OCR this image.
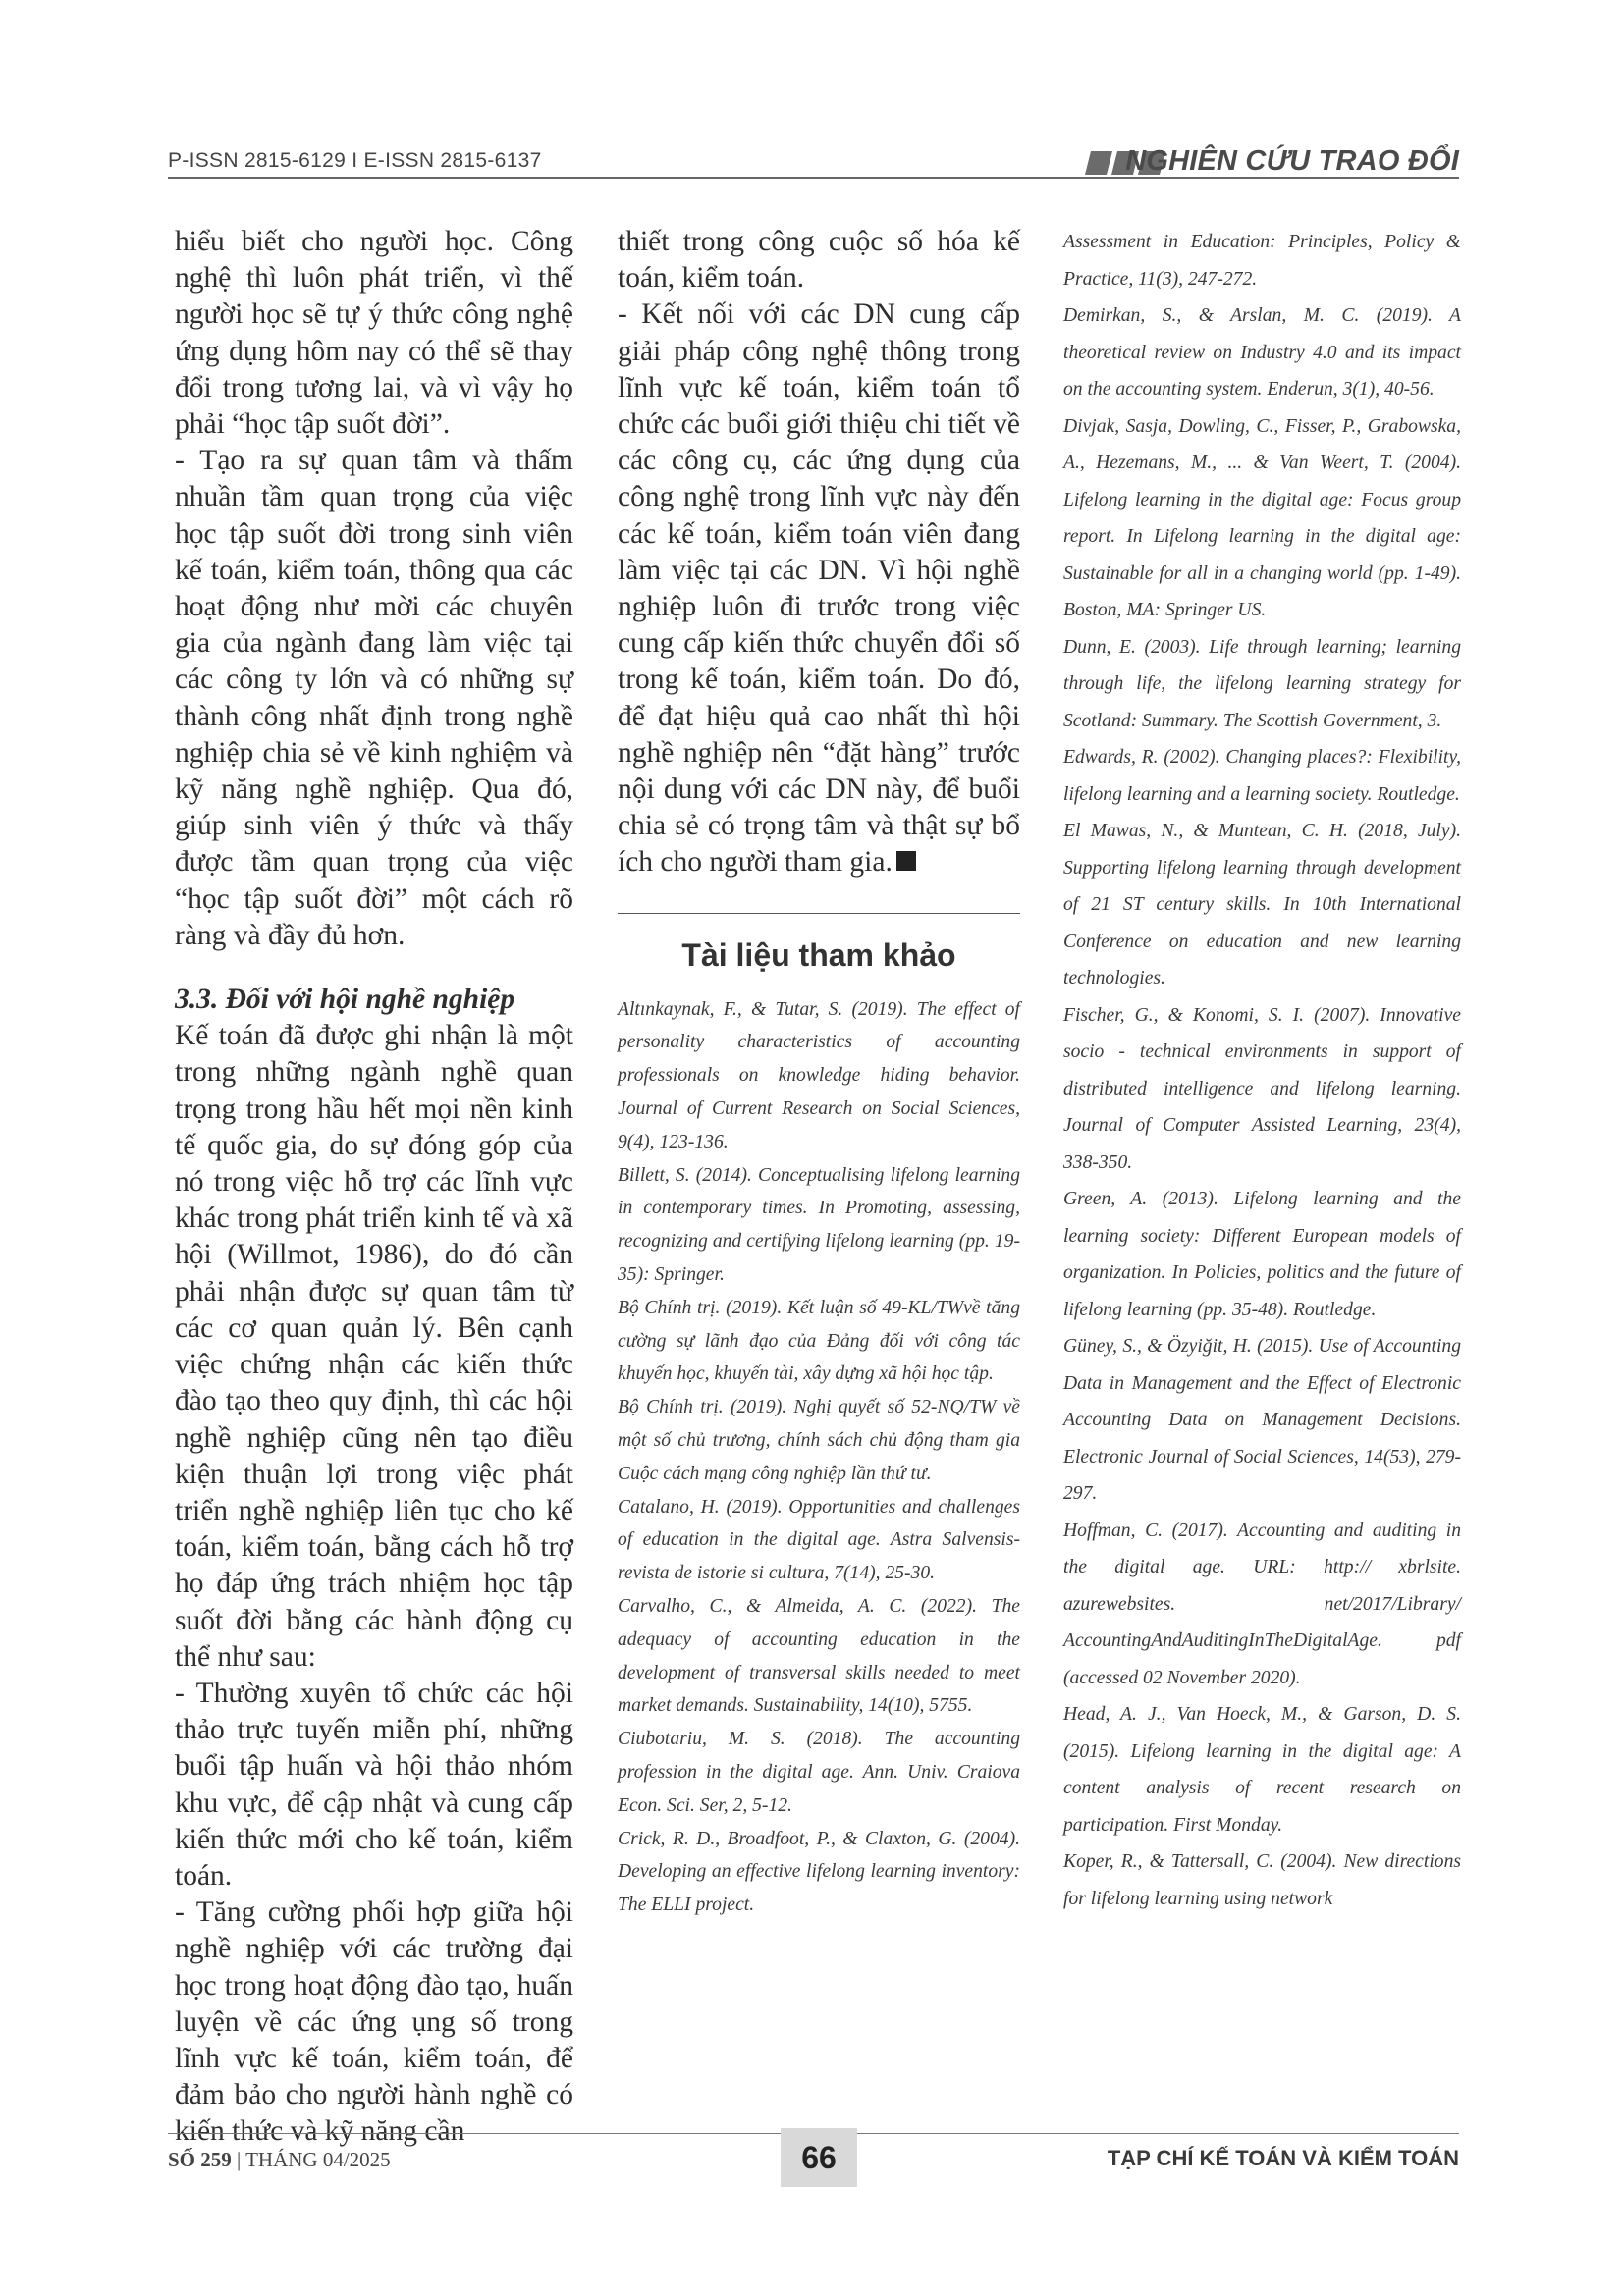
P-ISSN 2815-6129 I E-ISSN 2815-6137	NGHIÊN CỨU TRAO ĐỔI

hiểu biết cho người học. Công nghệ thì luôn phát triển, vì thế người học sẽ tự ý thức công nghệ ứng dụng hôm nay có thể sẽ thay đổi trong tương lai, và vì vậy họ phải “học tập suốt đời”.

- Tạo ra sự quan tâm và thấm nhuần tầm quan trọng của việc học tập suốt đời trong sinh viên kế toán, kiểm toán, thông qua các hoạt động như mời các chuyên gia của ngành đang làm việc tại các công ty lớn và có những sự thành công nhất định trong nghề nghiệp chia sẻ về kinh nghiệm và kỹ năng nghề nghiệp. Qua đó, giúp sinh viên ý thức và thấy được tầm quan trọng của việc “học tập suốt đời” một cách rõ ràng và đầy đủ hơn.

3.3. Đối với hội nghề nghiệp

Kế toán đã được ghi nhận là một trong những ngành nghề quan trọng trong hầu hết mọi nền kinh tế quốc gia, do sự đóng góp của nó trong việc hỗ trợ các lĩnh vực khác trong phát triển kinh tế và xã hội (Willmot, 1986), do đó cần phải nhận được sự quan tâm từ các cơ quan quản lý. Bên cạnh việc chứng nhận các kiến thức đào tạo theo quy định, thì các hội nghề nghiệp cũng nên tạo điều kiện thuận lợi trong việc phát triển nghề nghiệp liên tục cho kế toán, kiểm toán, bằng cách hỗ trợ họ đáp ứng trách nhiệm học tập suốt đời bằng các hành động cụ thể như sau:

- Thường xuyên tổ chức các hội thảo trực tuyến miễn phí, những buổi tập huấn và hội thảo nhóm khu vực, để cập nhật và cung cấp kiến thức mới cho kế toán, kiểm toán.

- Tăng cường phối hợp giữa hội nghề nghiệp với các trường đại học trong hoạt động đào tạo, huấn luyện về các ứng ụng số trong lĩnh vực kế toán, kiểm toán, để đảm bảo cho người hành nghề có kiến thức và kỹ năng cần

thiết trong công cuộc số hóa kế toán, kiểm toán.

- Kết nối với các DN cung cấp giải pháp công nghệ thông trong lĩnh vực kế toán, kiểm toán tổ chức các buổi giới thiệu chi tiết về các công cụ, các ứng dụng của công nghệ trong lĩnh vực này đến các kế toán, kiểm toán viên đang làm việc tại các DN. Vì hội nghề nghiệp luôn đi trước trong việc cung cấp kiến thức chuyển đổi số trong kế toán, kiểm toán. Do đó, để đạt hiệu quả cao nhất thì hội nghề nghiệp nên “đặt hàng” trước nội dung với các DN này, để buổi chia sẻ có trọng tâm và thật sự bổ ích cho người tham gia.

Tài liệu tham khảo

Altınkaynak, F., & Tutar, S. (2019). The effect of personality characteristics of accounting professionals on knowledge hiding behavior. Journal of Current Research on Social Sciences, 9(4), 123-136.

Billett, S. (2014). Conceptualising lifelong learning in contemporary times. In Promoting, assessing, recognizing and certifying lifelong learning (pp. 19-35): Springer.

Bộ Chính trị. (2019). Kết luận số 49-KL/TWvề tăng cường sự lãnh đạo của Đảng đối với công tác khuyến học, khuyến tài, xây dựng xã hội học tập.

Bộ Chính trị. (2019). Nghị quyết số 52-NQ/TW về một số chủ trương, chính sách chủ động tham gia Cuộc cách mạng công nghiệp lần thứ tư.

Catalano, H. (2019). Opportunities and challenges of education in the digital age. Astra Salvensis-revista de istorie si cultura, 7(14), 25-30.

Carvalho, C., & Almeida, A. C. (2022). The adequacy of accounting education in the development of transversal skills needed to meet market demands. Sustainability, 14(10), 5755.

Ciubotariu, M. S. (2018). The accounting profession in the digital age. Ann. Univ. Craiova Econ. Sci. Ser, 2, 5-12.

Crick, R. D., Broadfoot, P., & Claxton, G. (2004). Developing an effective lifelong learning inventory: The ELLI project.

Assessment in Education: Principles, Policy & Practice, 11(3), 247-272.

Demirkan, S., & Arslan, M. C. (2019). A theoretical review on Industry 4.0 and its impact on the accounting system. Enderun, 3(1), 40-56.

Divjak, Sasja, Dowling, C., Fisser, P., Grabowska, A., Hezemans, M., ... & Van Weert, T. (2004). Lifelong learning in the digital age: Focus group report. In Lifelong learning in the digital age: Sustainable for all in a changing world (pp. 1-49). Boston, MA: Springer US.

Dunn, E. (2003). Life through learning; learning through life, the lifelong learning strategy for Scotland: Summary. The Scottish Government, 3.

Edwards, R. (2002). Changing places?: Flexibility, lifelong learning and a learning society. Routledge.

El Mawas, N., & Muntean, C. H. (2018, July). Supporting lifelong learning through development of 21 ST century skills. In 10th International Conference on education and new learning technologies.

Fischer, G., & Konomi, S. I. (2007). Innovative socio - technical environments in support of distributed intelligence and lifelong learning. Journal of Computer Assisted Learning, 23(4), 338-350.

Green, A. (2013). Lifelong learning and the learning society: Different European models of organization. In Policies, politics and the future of lifelong learning (pp. 35-48). Routledge.

Güney, S., & Özyiğit, H. (2015). Use of Accounting Data in Management and the Effect of Electronic Accounting Data on Management Decisions. Electronic Journal of Social Sciences, 14(53), 279-297.

Hoffman, C. (2017). Accounting and auditing in the digital age. URL: http:// xbrlsite. azurewebsites. net/2017/Library/ AccountingAndAuditingInTheDigitalAge. pdf (accessed 02 November 2020).

Head, A. J., Van Hoeck, M., & Garson, D. S. (2015). Lifelong learning in the digital age: A content analysis of recent research on participation. First Monday.

Koper, R., & Tattersall, C. (2004). New directions for lifelong learning using network

SỐ 259 | THÁNG 04/2025	66	TẠP CHÍ KẾ TOÁN VÀ KIỂM TOÁN
